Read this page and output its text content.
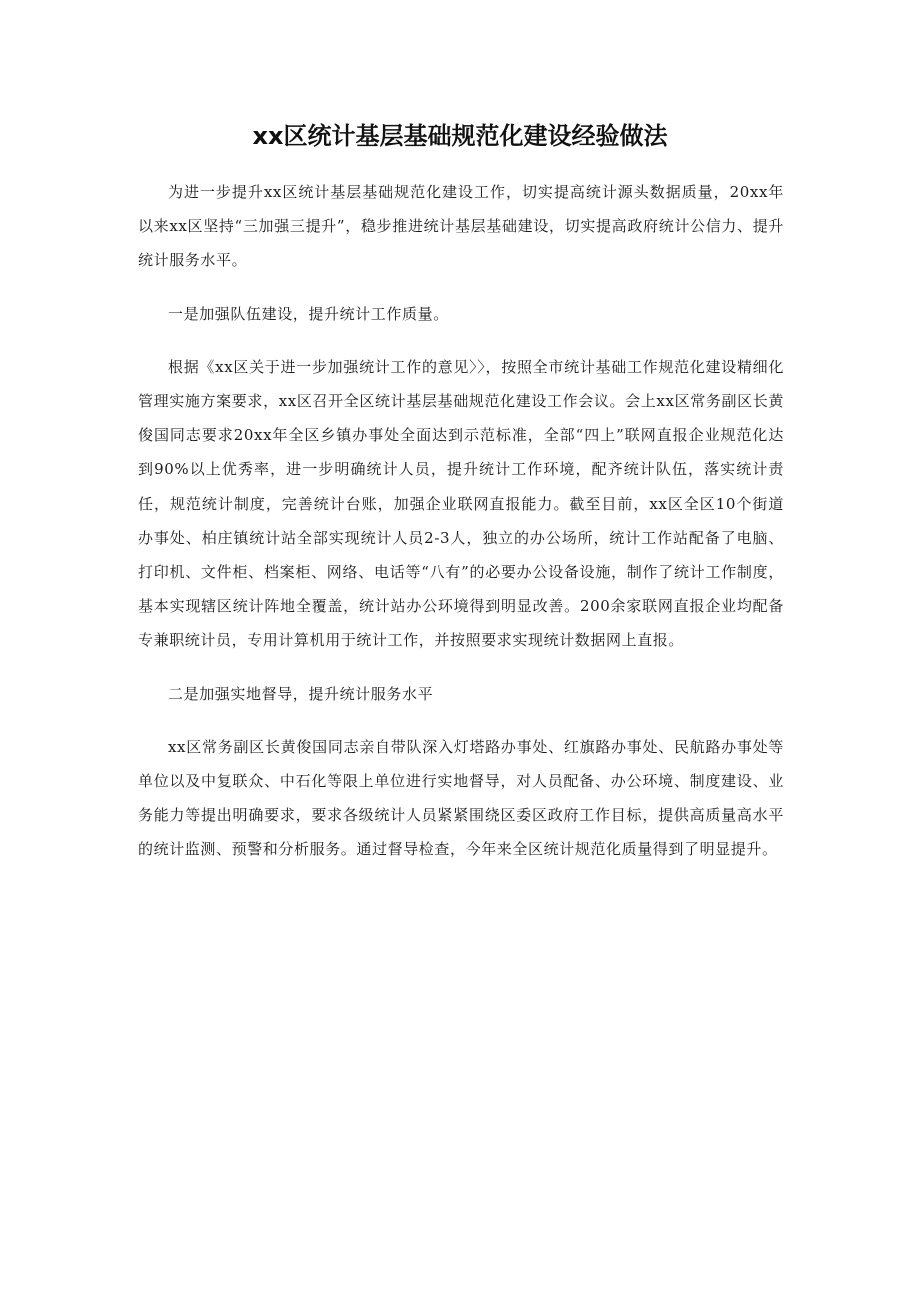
xx区统计基层基础规范化建设经验做法

为进一步提升xx区统计基层基础规范化建设工作，切实提高统计源头数据质量，20xx年以来xx区坚持“三加强三提升”，稳步推进统计基层基础建设，切实提高政府统计公信力、提升统计服务水平。

一是加强队伍建设，提升统计工作质量。

根据《xx区关于进一步加强统计工作的意见〉〉，按照全市统计基础工作规范化建设精细化管理实施方案要求，xx区召开全区统计基层基础规范化建设工作会议。会上xx区常务副区长黄俊国同志要求20xx年全区乡镇办事处全面达到示范标准，全部“四上”联网直报企业规范化达到90%以上优秀率，进一步明确统计人员，提升统计工作环境，配齐统计队伍，落实统计责任，规范统计制度，完善统计台账，加强企业联网直报能力。截至目前，xx区全区10个街道办事处、柏庄镇统计站全部实现统计人员2-3人，独立的办公场所，统计工作站配备了电脑、打印机、文件柜、档案柜、网络、电话等“八有”的必要办公设备设施，制作了统计工作制度，基本实现辖区统计阵地全覆盖，统计站办公环境得到明显改善。200余家联网直报企业均配备专兼职统计员，专用计算机用于统计工作，并按照要求实现统计数据网上直报。

二是加强实地督导，提升统计服务水平

xx区常务副区长黄俊国同志亲自带队深入灯塔路办事处、红旗路办事处、民航路办事处等单位以及中复联众、中石化等限上单位进行实地督导，对人员配备、办公环境、制度建设、业务能力等提出明确要求，要求各级统计人员紧紧围绕区委区政府工作目标，提供高质量高水平的统计监测、预警和分析服务。通过督导检查，今年来全区统计规范化质量得到了明显提升。
